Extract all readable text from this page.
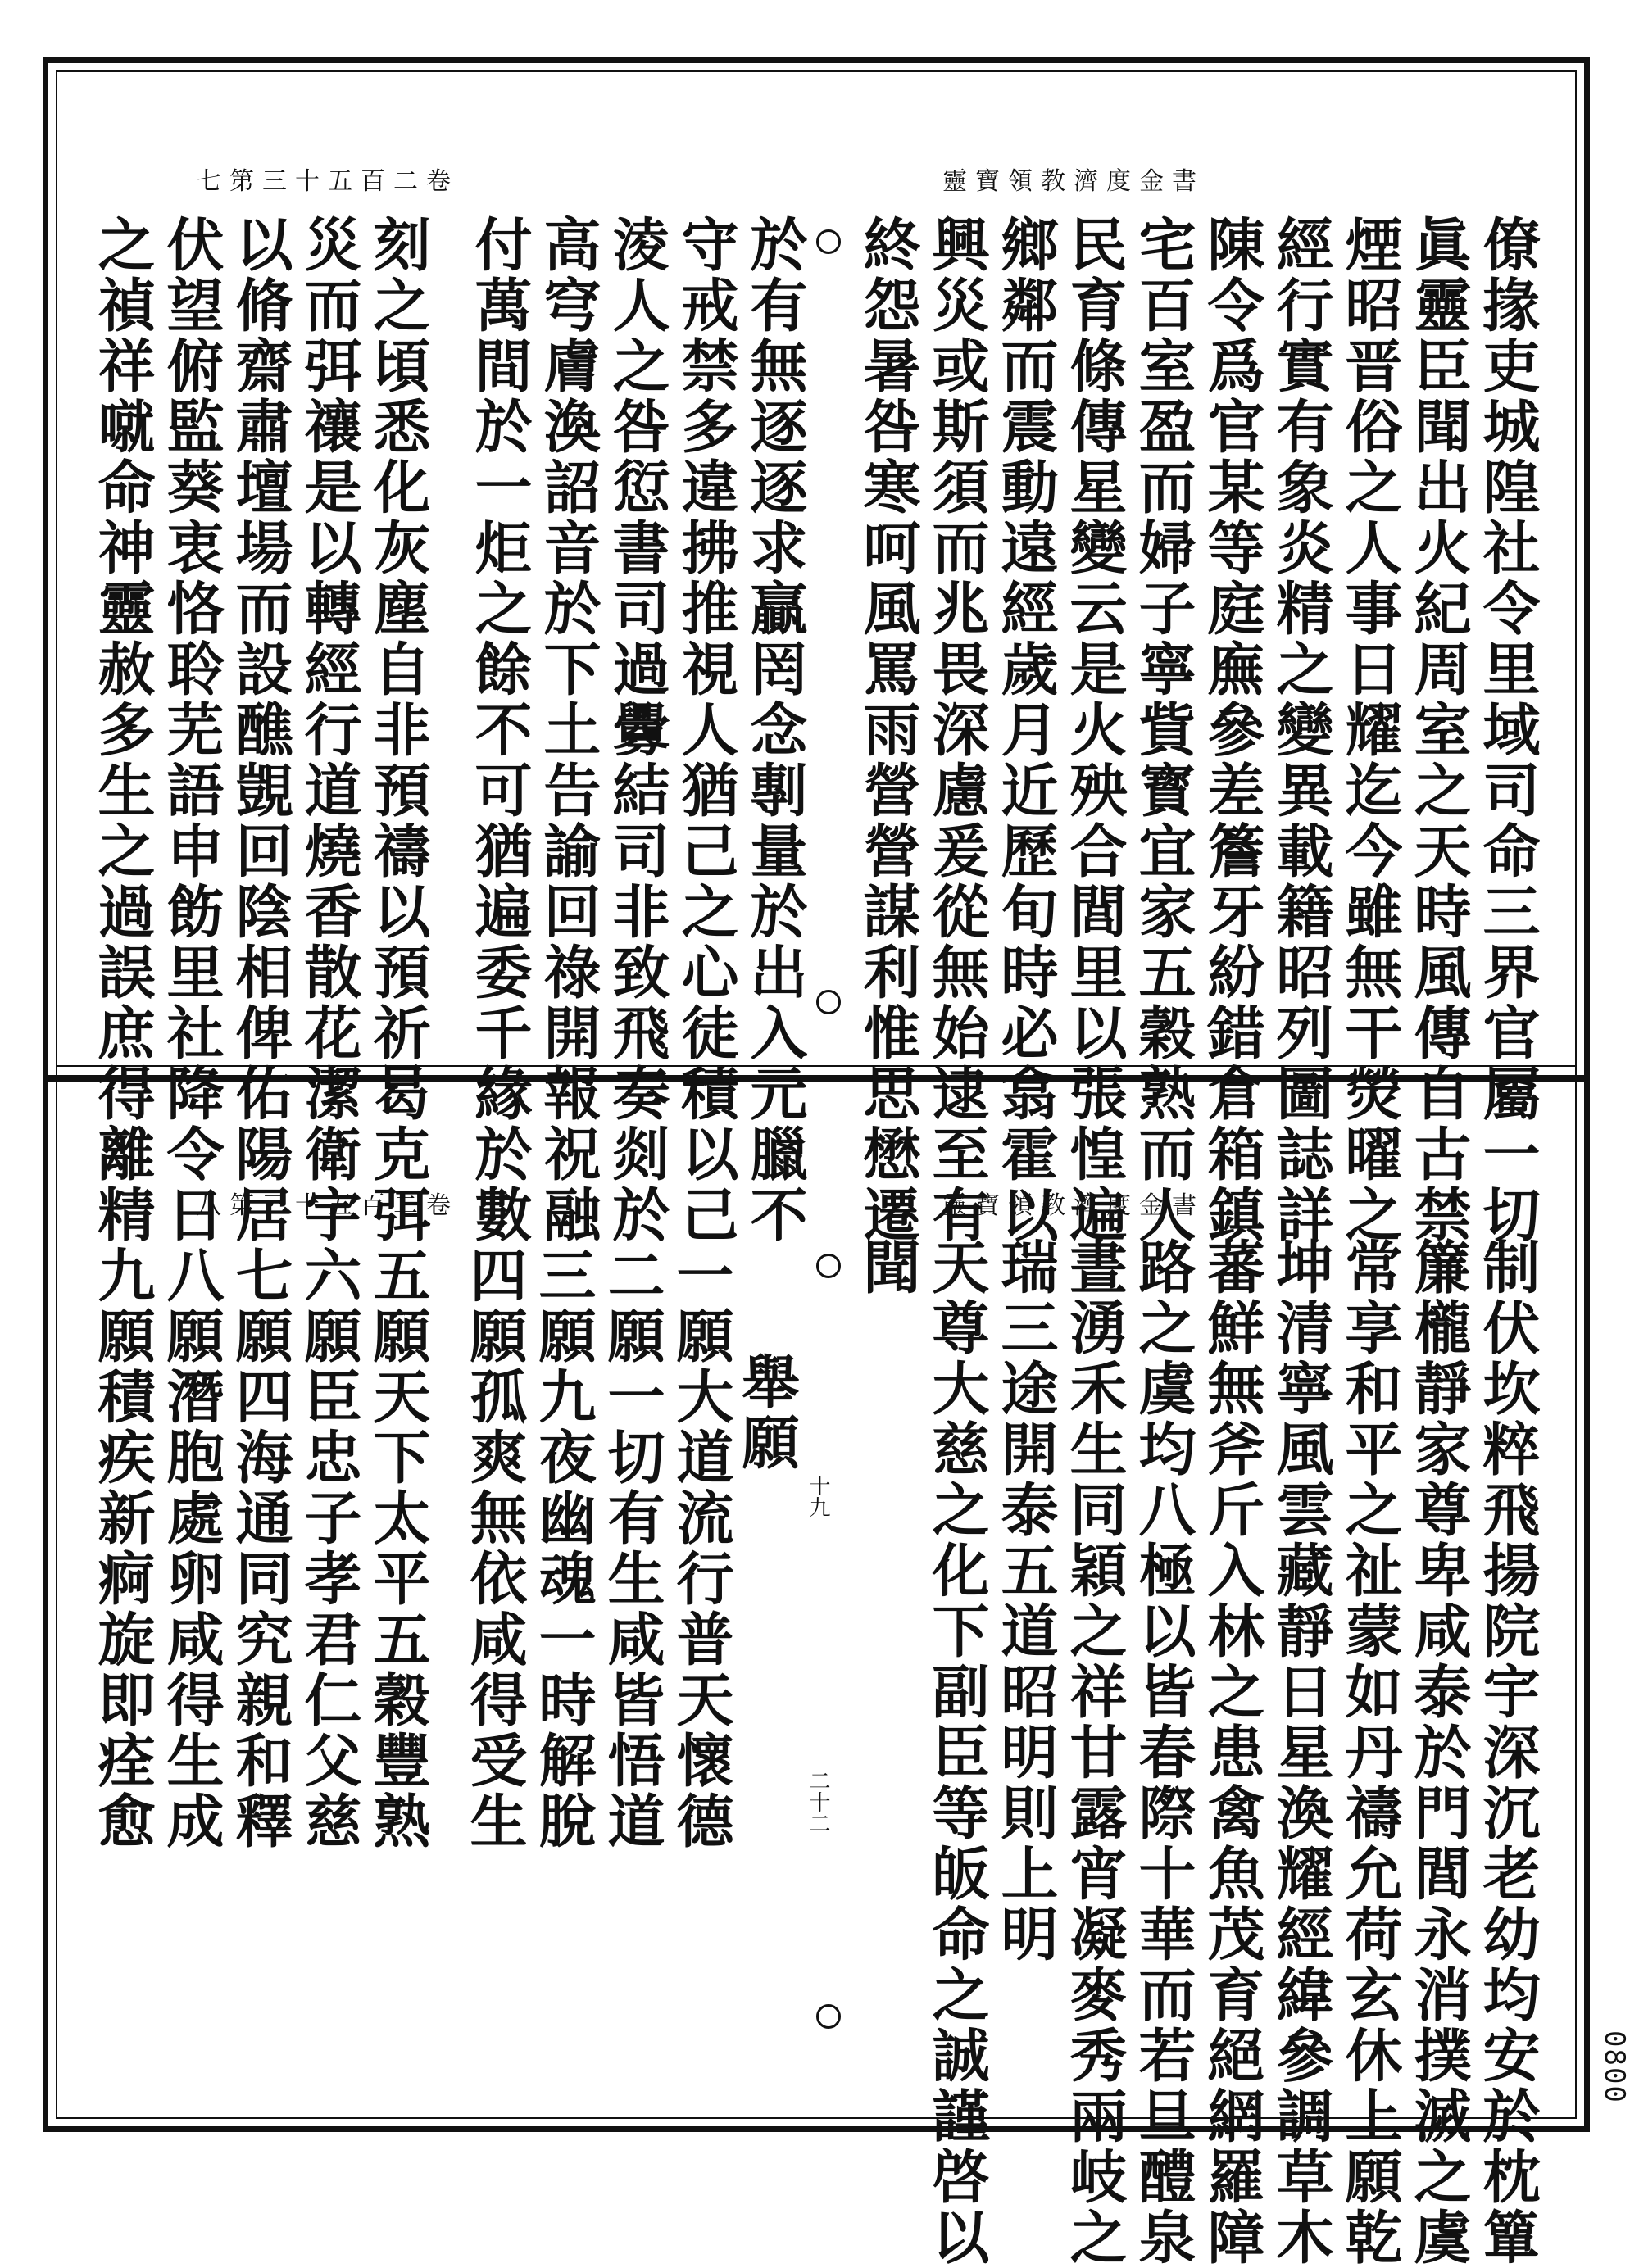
七第三十五百二卷	靈寶領教濟度金書
僚掾吏城隍社令里域司命三界官屬一切
眞靈臣聞出火紀周室之天時風傳自古禁
煙昭晋俗之人事日耀迄今雖無干熒曜之
經行實有象炎精之變異載籍昭列圖誌詳
陳令爲官某等庭廡參差簷牙紛錯倉箱鎮
宅百室盈而婦子寧貲寳宜家五穀熟而人
民育條傳星變云是火殃合閭里以張惶遍
鄉鄰而震動遠經歲月近歷旬時必翕霍以
興災或斯須而兆畏深慮爰從無始逮至有
終怨暑咎寒呵風罵雨營營謀利惟思懋遷
於有無逐逐求贏罔念剸量於出入元臘不
守戒禁多違拂推視人猶己之心徒積以己
淩人之咎愆書司過釁結司非致飛奏剡於
高穹膚渙詔音於下土告諭回祿開報祝融
付萬間於一炬之餘不可猶遍委千緣於數
刻之頃悉化灰塵自非預禱以預祈曷克弭
災而弭禳是以轉經行道燒香散花潔衛宇
以脩齋肅壇場而設醮覬回陰相俾佑陽居
伏望俯監葵衷恪聆芜語申飭里社降令日
之禎祥噈命神靈赦多生之過誤庶得離精 八第三十五百二卷	靈寶領教濟度金書
制伏坎粹飛揚院宇深沉老幼均安於枕簞
簾櫳靜家尊卑咸泰於門閭永消撲滅之虞
常享和平之祉蒙如丹禱允荷玄休上願乾
坤清寧風雲藏靜日星渙耀經緯參調草木
蕃鮮無斧斤入林之患禽魚茂育絕網羅障
路之虞均八極以皆春際十華而若旦醴泉
晝湧禾生同穎之祥甘露宵凝麥秀兩岐之
瑞三途開泰五道昭明則上明
天尊大慈之化下副臣等皈命之誠謹啓以
聞
舉願
十九
二十二
一願大道流行普天懷德
二願一切有生咸皆悟道
三願九夜幽魂一時解脫
四願孤爽無依咸得受生
五願天下太平五穀豐熟
六願臣忠子孝君仁父慈
七願四海通同究親和釋
八願潛胞處卵咸得生成
九願積疾新痾旋即痊愈
0800
